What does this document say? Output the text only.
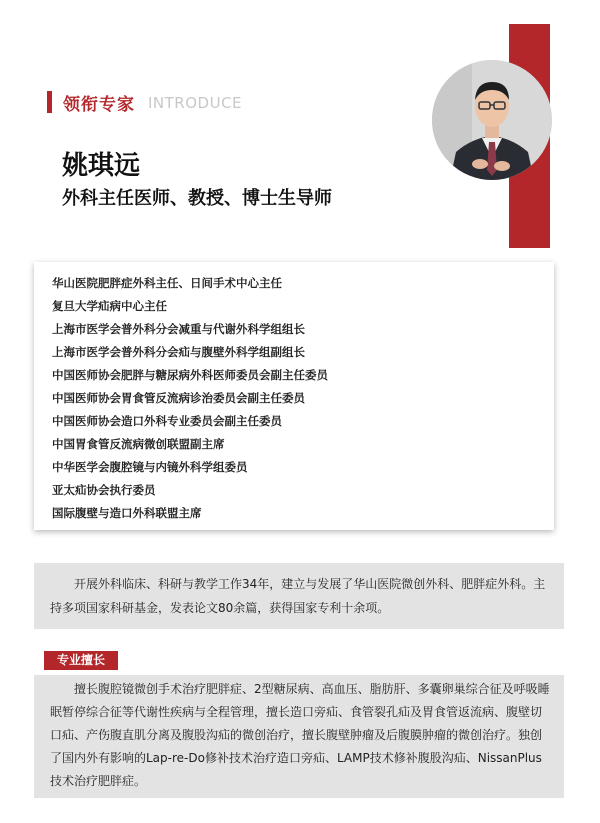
领衔专家 INTRODUCE
姚琪远
外科主任医师、教授、博士生导师
华山医院肥胖症外科主任、日间手术中心主任
复旦大学疝病中心主任
上海市医学会普外科分会减重与代谢外科学组组长
上海市医学会普外科分会疝与腹壁外科学组副组长
中国医师协会肥胖与糖尿病外科医师委员会副主任委员
中国医师协会胃食管反流病诊治委员会副主任委员
中国医师协会造口外科专业委员会副主任委员
中国胃食管反流病微创联盟副主席
中华医学会腹腔镜与内镜外科学组委员
亚太疝协会执行委员
国际腹壁与造口外科联盟主席
开展外科临床、科研与教学工作34年，建立与发展了华山医院微创外科、肥胖症外科。主持多项国家科研基金，发表论文80余篇，获得国家专利十余项。
专业擅长
擅长腹腔镜微创手术治疗肥胖症、2型糖尿病、高血压、脂肪肝、多囊卵巢综合征及呼吸睡眠暂停综合征等代谢性疾病与全程管理，擅长造口旁疝、食管裂孔疝及胃食管返流病、腹壁切口疝、产伤腹直肌分离及腹股沟疝的微创治疗，擅长腹壁肿瘤及后腹膜肿瘤的微创治疗。独创了国内外有影响的Lap-re-Do修补技术治疗造口旁疝、LAMP技术修补腹股沟疝、NissanPlus技术治疗肥胖症。
